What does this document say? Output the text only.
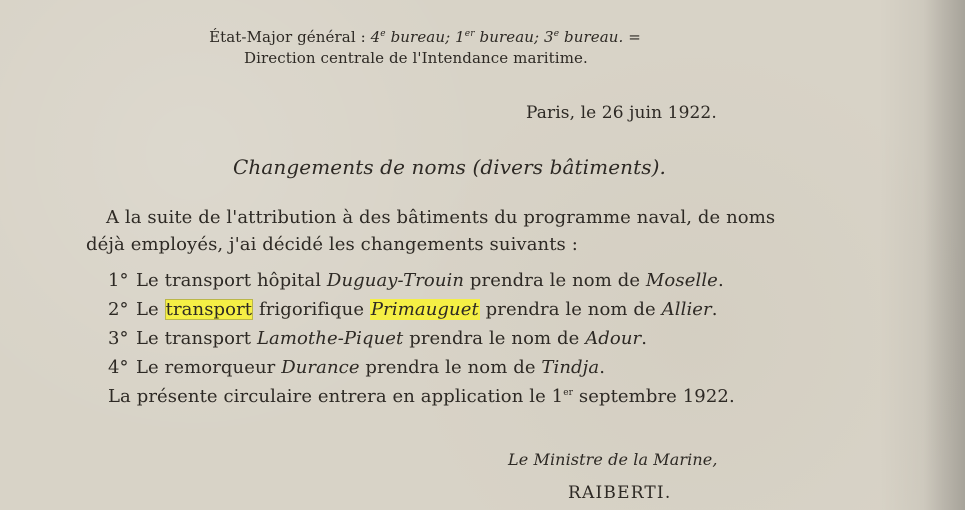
État-Major général : 4e bureau; 1er bureau; 3e bureau. =
Direction centrale de l'Intendance maritime.
Paris, le 26 juin 1922.
Changements de noms (divers bâtiments).
A la suite de l'attribution à des bâtiments du programme naval, de noms
déjà employés, j'ai décidé les changements suivants :
1° Le transport hôpital Duguay-Trouin prendra le nom de Moselle.
2° Le transport frigorifique Primauguet prendra le nom de Allier.
3° Le transport Lamothe-Piquet prendra le nom de Adour.
4° Le remorqueur Durance prendra le nom de Tindja.
La présente circulaire entrera en application le 1er septembre 1922.
Le Ministre de la Marine,
RAIBERTI.
